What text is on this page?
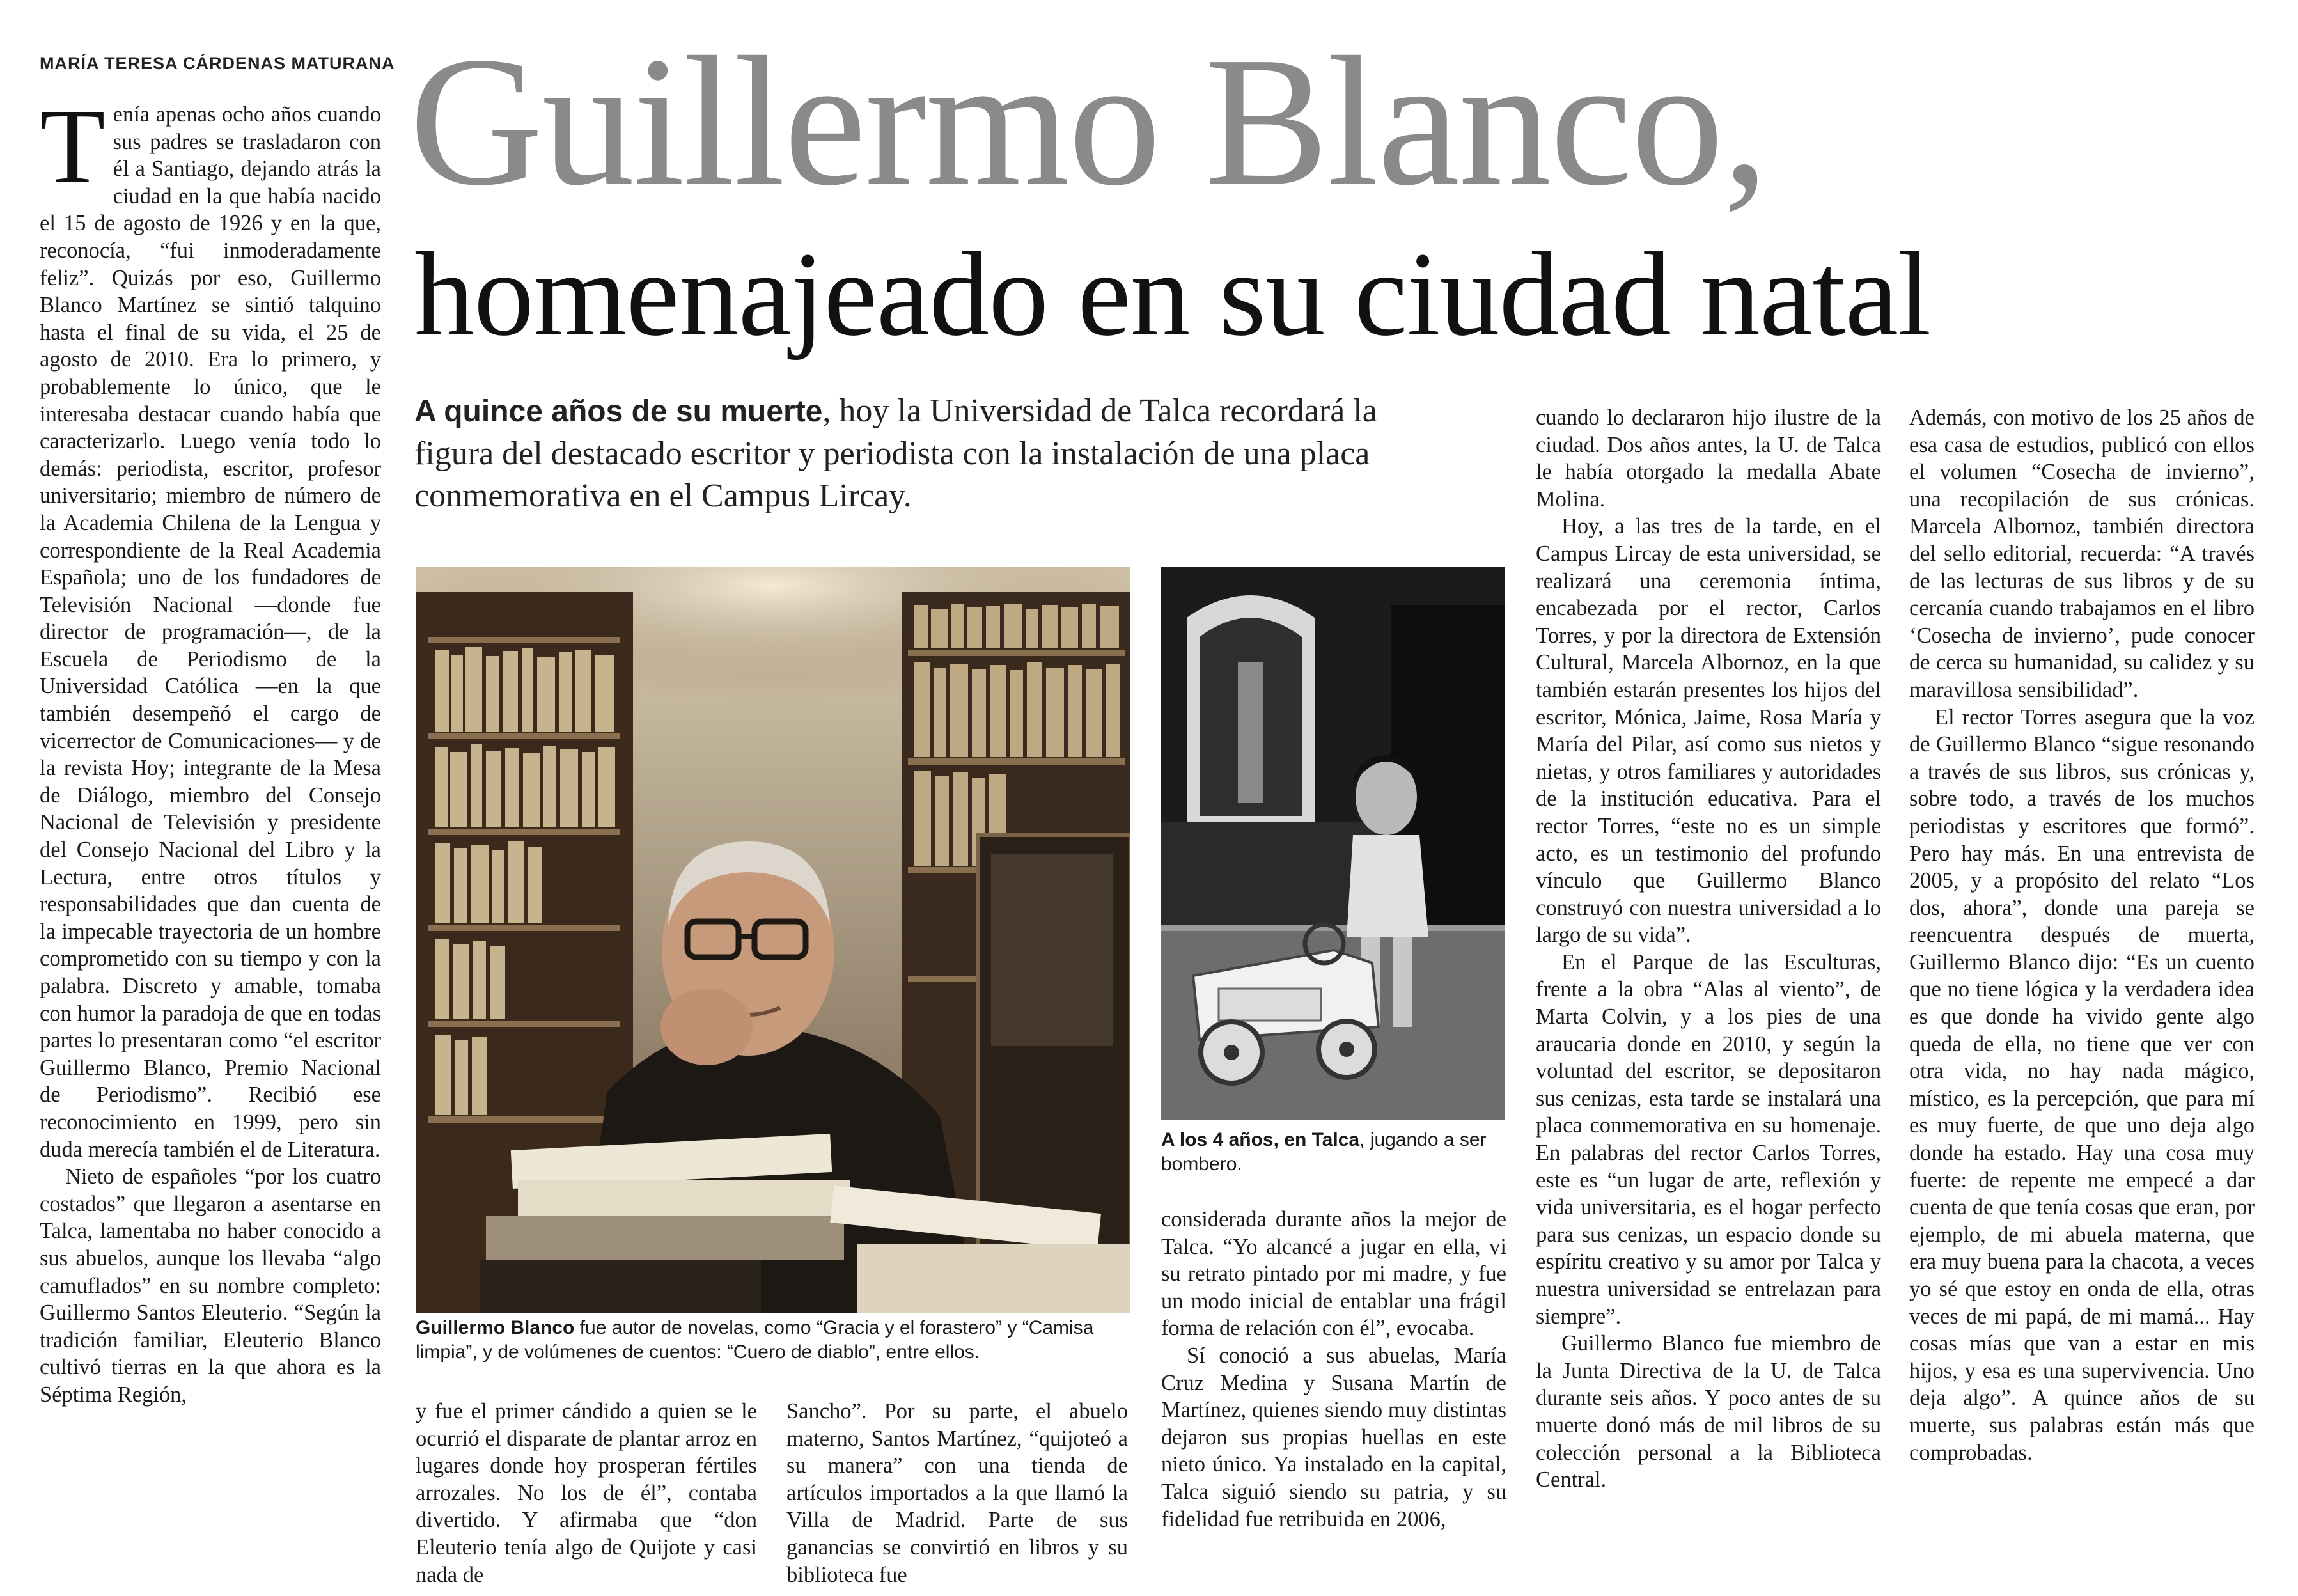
MARÍA TERESA CÁRDENAS MATURANA Guillermo Blanco,
homenajeado en su ciudad natal

Tenía apenas ocho años cuando sus padres se trasladaron con él a Santiago, dejando atrás la ciudad en la que había nacido el 15 de agosto de 1926 y en la que, reconocía, “fui inmoderadamente feliz”. Quizás por eso, Guillermo Blanco Martínez se sintió talquino hasta el final de su vida, el 25 de agosto de 2010. Era lo primero, y probablemente lo único, que le interesaba destacar cuando había que caracterizarlo. Luego venía todo lo demás: periodista, escritor, profesor universitario; miembro de número de la Academia Chilena de la Lengua y correspondiente de la Real Academia Española; uno de los fundadores de Televisión Nacional —donde fue director de programación—, de la Escuela de Periodismo de la Universidad Católica —en la que también desempeñó el cargo de vicerrector de Comunicaciones— y de la revista Hoy; integrante de la Mesa de Diálogo, miembro del Consejo Nacional de Televisión y presidente del Consejo Nacional del Libro y la Lectura, entre otros títulos y responsabilidades que dan cuenta de la impecable trayectoria de un hombre comprometido con su tiempo y con la palabra. Discreto y amable, tomaba con humor la paradoja de que en todas partes lo presentaran como “el escritor Guillermo Blanco, Premio Nacional de Periodismo”. Recibió ese reconocimiento en 1999, pero sin duda merecía también el de Literatura.

Nieto de españoles “por los cuatro costados” que llegaron a asentarse en Talca, lamentaba no haber conocido a sus abuelos, aunque los llevaba “algo camuflados” en su nombre completo: Guillermo Santos Eleuterio. “Según la tradición familiar, Eleuterio Blanco cultivó tierras en la que ahora es la Séptima Región,

A quince años de su muerte, hoy la Universidad de Talca recordará la figura del destacado escritor y periodista con la instalación de una placa conmemorativa en el Campus Lircay.
Guillermo Blanco fue autor de novelas, como “Gracia y el forastero” y “Camisa limpia”, y de volúmenes de cuentos: “Cuero de diablo”, entre ellos.
A los 4 años, en Talca, jugando a ser bombero.

y fue el primer cándido a quien se le ocurrió el disparate de plantar arroz en lugares donde hoy prosperan fértiles arrozales. No los de él”, contaba divertido. Y afirmaba que “don Eleuterio tenía algo de Quijote y casi nada de

Sancho”. Por su parte, el abuelo materno, Santos Martínez, “quijoteó a su manera” con una tienda de artículos importados a la que llamó la Villa de Madrid. Parte de sus ganancias se convirtió en libros y su biblioteca fue

considerada durante años la mejor de Talca. “Yo alcancé a jugar en ella, vi su retrato pintado por mi madre, y fue un modo inicial de entablar una frágil forma de relación con él”, evocaba.

Sí conoció a sus abuelas, María Cruz Medina y Susana Martín de Martínez, quienes siendo muy distintas dejaron sus propias huellas en este nieto único. Ya instalado en la capital, Talca siguió siendo su patria, y su fidelidad fue retribuida en 2006,

cuando lo declararon hijo ilustre de la ciudad. Dos años antes, la U. de Talca le había otorgado la medalla Abate Molina.

Hoy, a las tres de la tarde, en el Campus Lircay de esta universidad, se realizará una ceremonia íntima, encabezada por el rector, Carlos Torres, y por la directora de Extensión Cultural, Marcela Albornoz, en la que también estarán presentes los hijos del escritor, Mónica, Jaime, Rosa María y María del Pilar, así como sus nietos y nietas, y otros familiares y autoridades de la institución educativa. Para el rector Torres, “este no es un simple acto, es un testimonio del profundo vínculo que Guillermo Blanco construyó con nuestra universidad a lo largo de su vida”.

En el Parque de las Esculturas, frente a la obra “Alas al viento”, de Marta Colvin, y a los pies de una araucaria donde en 2010, y según la voluntad del escritor, se depositaron sus cenizas, esta tarde se instalará una placa conmemorativa en su homenaje. En palabras del rector Carlos Torres, este es “un lugar de arte, reflexión y vida universitaria, es el hogar perfecto para sus cenizas, un espacio donde su espíritu creativo y su amor por Talca y nuestra universidad se entrelazan para siempre”.

Guillermo Blanco fue miembro de la Junta Directiva de la U. de Talca durante seis años. Y poco antes de su muerte donó más de mil libros de su colección personal a la Biblioteca Central.

Además, con motivo de los 25 años de esa casa de estudios, publicó con ellos el volumen “Cosecha de invierno”, una recopilación de sus crónicas. Marcela Albornoz, también directora del sello editorial, recuerda: “A través de las lecturas de sus libros y de su cercanía cuando trabajamos en el libro ‘Cosecha de invierno’, pude conocer de cerca su humanidad, su calidez y su maravillosa sensibilidad”.

El rector Torres asegura que la voz de Guillermo Blanco “sigue resonando a través de sus libros, sus crónicas y, sobre todo, a través de los muchos periodistas y escritores que formó”. Pero hay más. En una entrevista de 2005, y a propósito del relato “Los dos, ahora”, donde una pareja se reencuentra después de muerta, Guillermo Blanco dijo: “Es un cuento que no tiene lógica y la verdadera idea es que donde ha vivido gente algo queda de ella, no tiene que ver con otra vida, no hay nada mágico, místico, es la percepción, que para mí es muy fuerte, de que uno deja algo donde ha estado. Hay una cosa muy fuerte: de repente me empecé a dar cuenta de que tenía cosas que eran, por ejemplo, de mi abuela materna, que era muy buena para la chacota, a veces yo sé que estoy en onda de ella, otras veces de mi papá, de mi mamá... Hay cosas mías que van a estar en mis hijos, y esa es una supervivencia. Uno deja algo”. A quince años de su muerte, sus palabras están más que comprobadas.
